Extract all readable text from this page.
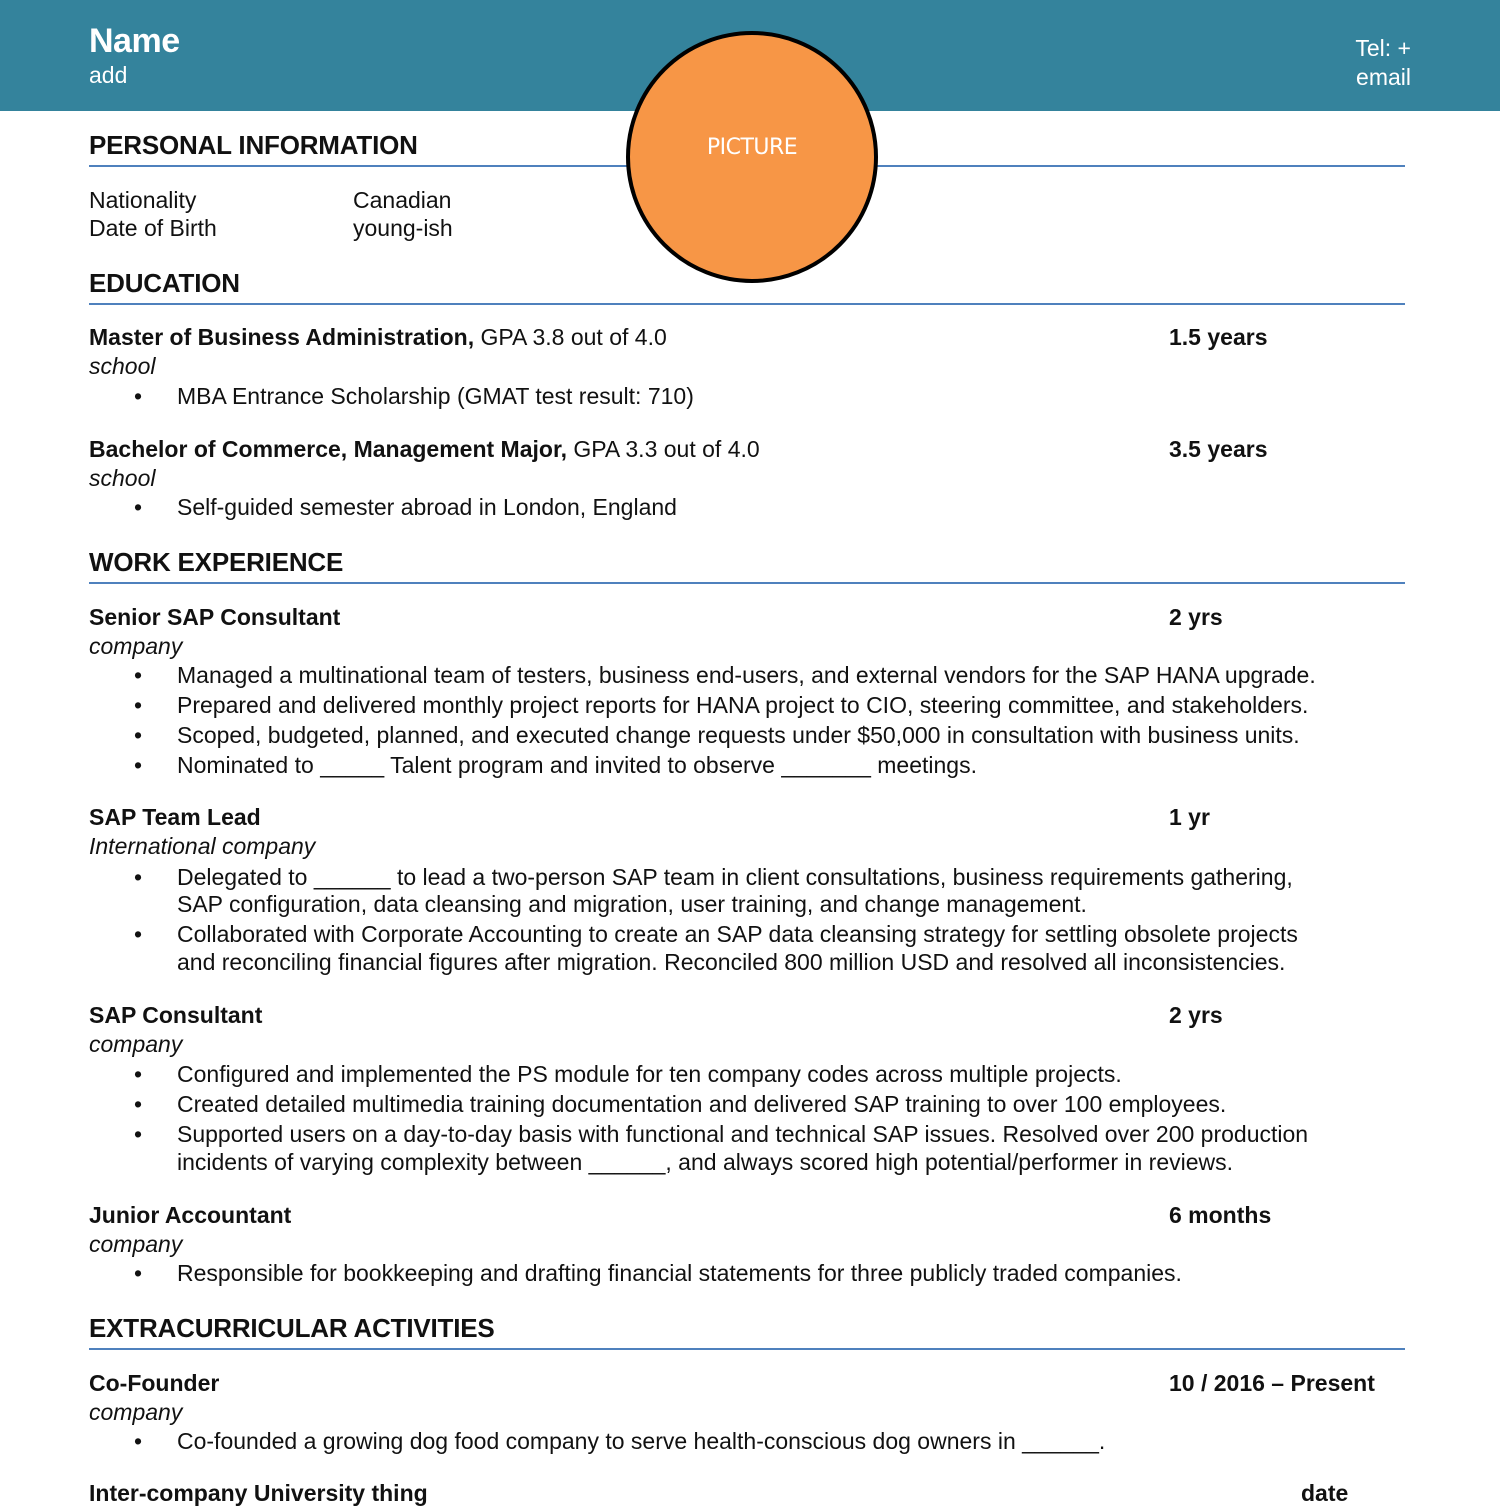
Name
add
Tel: +
email
PERSONAL INFORMATION
Nationality	Canadian
Date of Birth	young-ish
PICTURE
EDUCATION
Master of Business Administration, GPA 3.8 out of 4.0	1.5 years
school
• MBA Entrance Scholarship (GMAT test result: 710)
Bachelor of Commerce, Management Major, GPA 3.3 out of 4.0	3.5 years
school
• Self-guided semester abroad in London, England
WORK EXPERIENCE
Senior SAP Consultant	2 yrs
company
• Managed a multinational team of testers, business end-users, and external vendors for the SAP HANA upgrade.
• Prepared and delivered monthly project reports for HANA project to CIO, steering committee, and stakeholders.
• Scoped, budgeted, planned, and executed change requests under $50,000 in consultation with business units.
• Nominated to _____ Talent program and invited to observe _______ meetings.
SAP Team Lead	1 yr
International company
• Delegated to ______ to lead a two-person SAP team in client consultations, business requirements gathering,
SAP configuration, data cleansing and migration, user training, and change management.
• Collaborated with Corporate Accounting to create an SAP data cleansing strategy for settling obsolete projects
and reconciling financial figures after migration. Reconciled 800 million USD and resolved all inconsistencies.
SAP Consultant	2 yrs
company
• Configured and implemented the PS module for ten company codes across multiple projects.
• Created detailed multimedia training documentation and delivered SAP training to over 100 employees.
• Supported users on a day-to-day basis with functional and technical SAP issues. Resolved over 200 production
incidents of varying complexity between ______, and always scored high potential/performer in reviews.
Junior Accountant	6 months
company
• Responsible for bookkeeping and drafting financial statements for three publicly traded companies.
EXTRACURRICULAR ACTIVITIES
Co-Founder	10 / 2016 – Present
company
• Co-founded a growing dog food company to serve health-conscious dog owners in ______.
Inter-company University thing	date
